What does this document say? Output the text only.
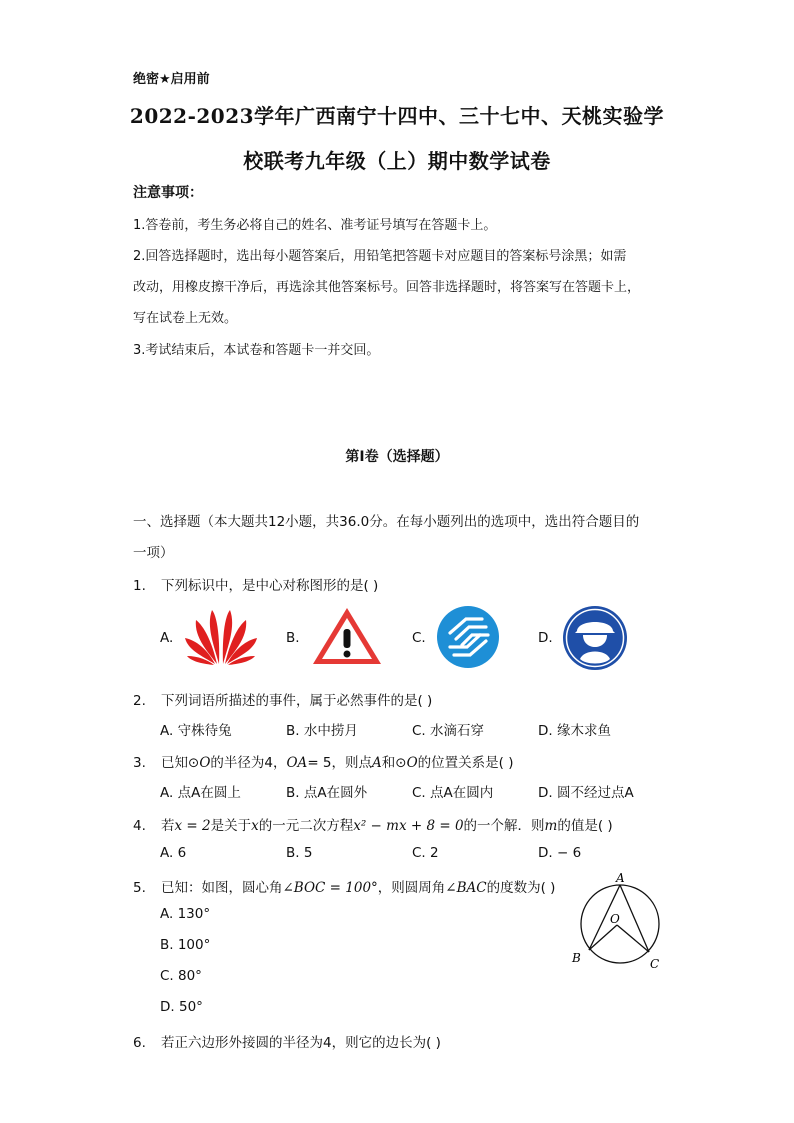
绝密★启用前
2022-2023学年广西南宁十四中、三十七中、天桃实验学
校联考九年级（上）期中数学试卷
注意事项：
1.答卷前，考生务必将自己的姓名、准考证号填写在答题卡上。
2.回答选择题时，选出每小题答案后，用铅笔把答题卡对应题目的答案标号涂黑；如需
改动，用橡皮擦干净后，再选涂其他答案标号。回答非选择题时，将答案写在答题卡上，
写在试卷上无效。
3.考试结束后，本试卷和答题卡一并交回。
第Ⅰ卷（选择题）
一、选择题（本大题共12小题，共36.0分。在每小题列出的选项中，选出符合题目的
一项）
1. 下列标识中，是中心对称图形的是( )
A.	B.	C.	D.
2. 下列词语所描述的事件，属于必然事件的是( )
A. 守株待兔	B. 水中捞月	C. 水滴石穿	D. 缘木求鱼
3. 已知⊙O的半径为4，OA= 5，则点A和⊙O的位置关系是( )
A. 点A在圆上	B. 点A在圆外	C. 点A在圆内	D. 圆不经过点A
4. 若x = 2是关于x的一元二次方程x² − mx + 8 = 0的一个解．则m的值是( )
A. 6	B. 5	C. 2	D. − 6
5. 已知：如图，圆心角∠BOC = 100°，则圆周角∠BAC的度数为( )
A. 130°
B. 100°
C. 80°
D. 50°
A
O
B	C
6. 若正六边形外接圆的半径为4，则它的边长为( )
